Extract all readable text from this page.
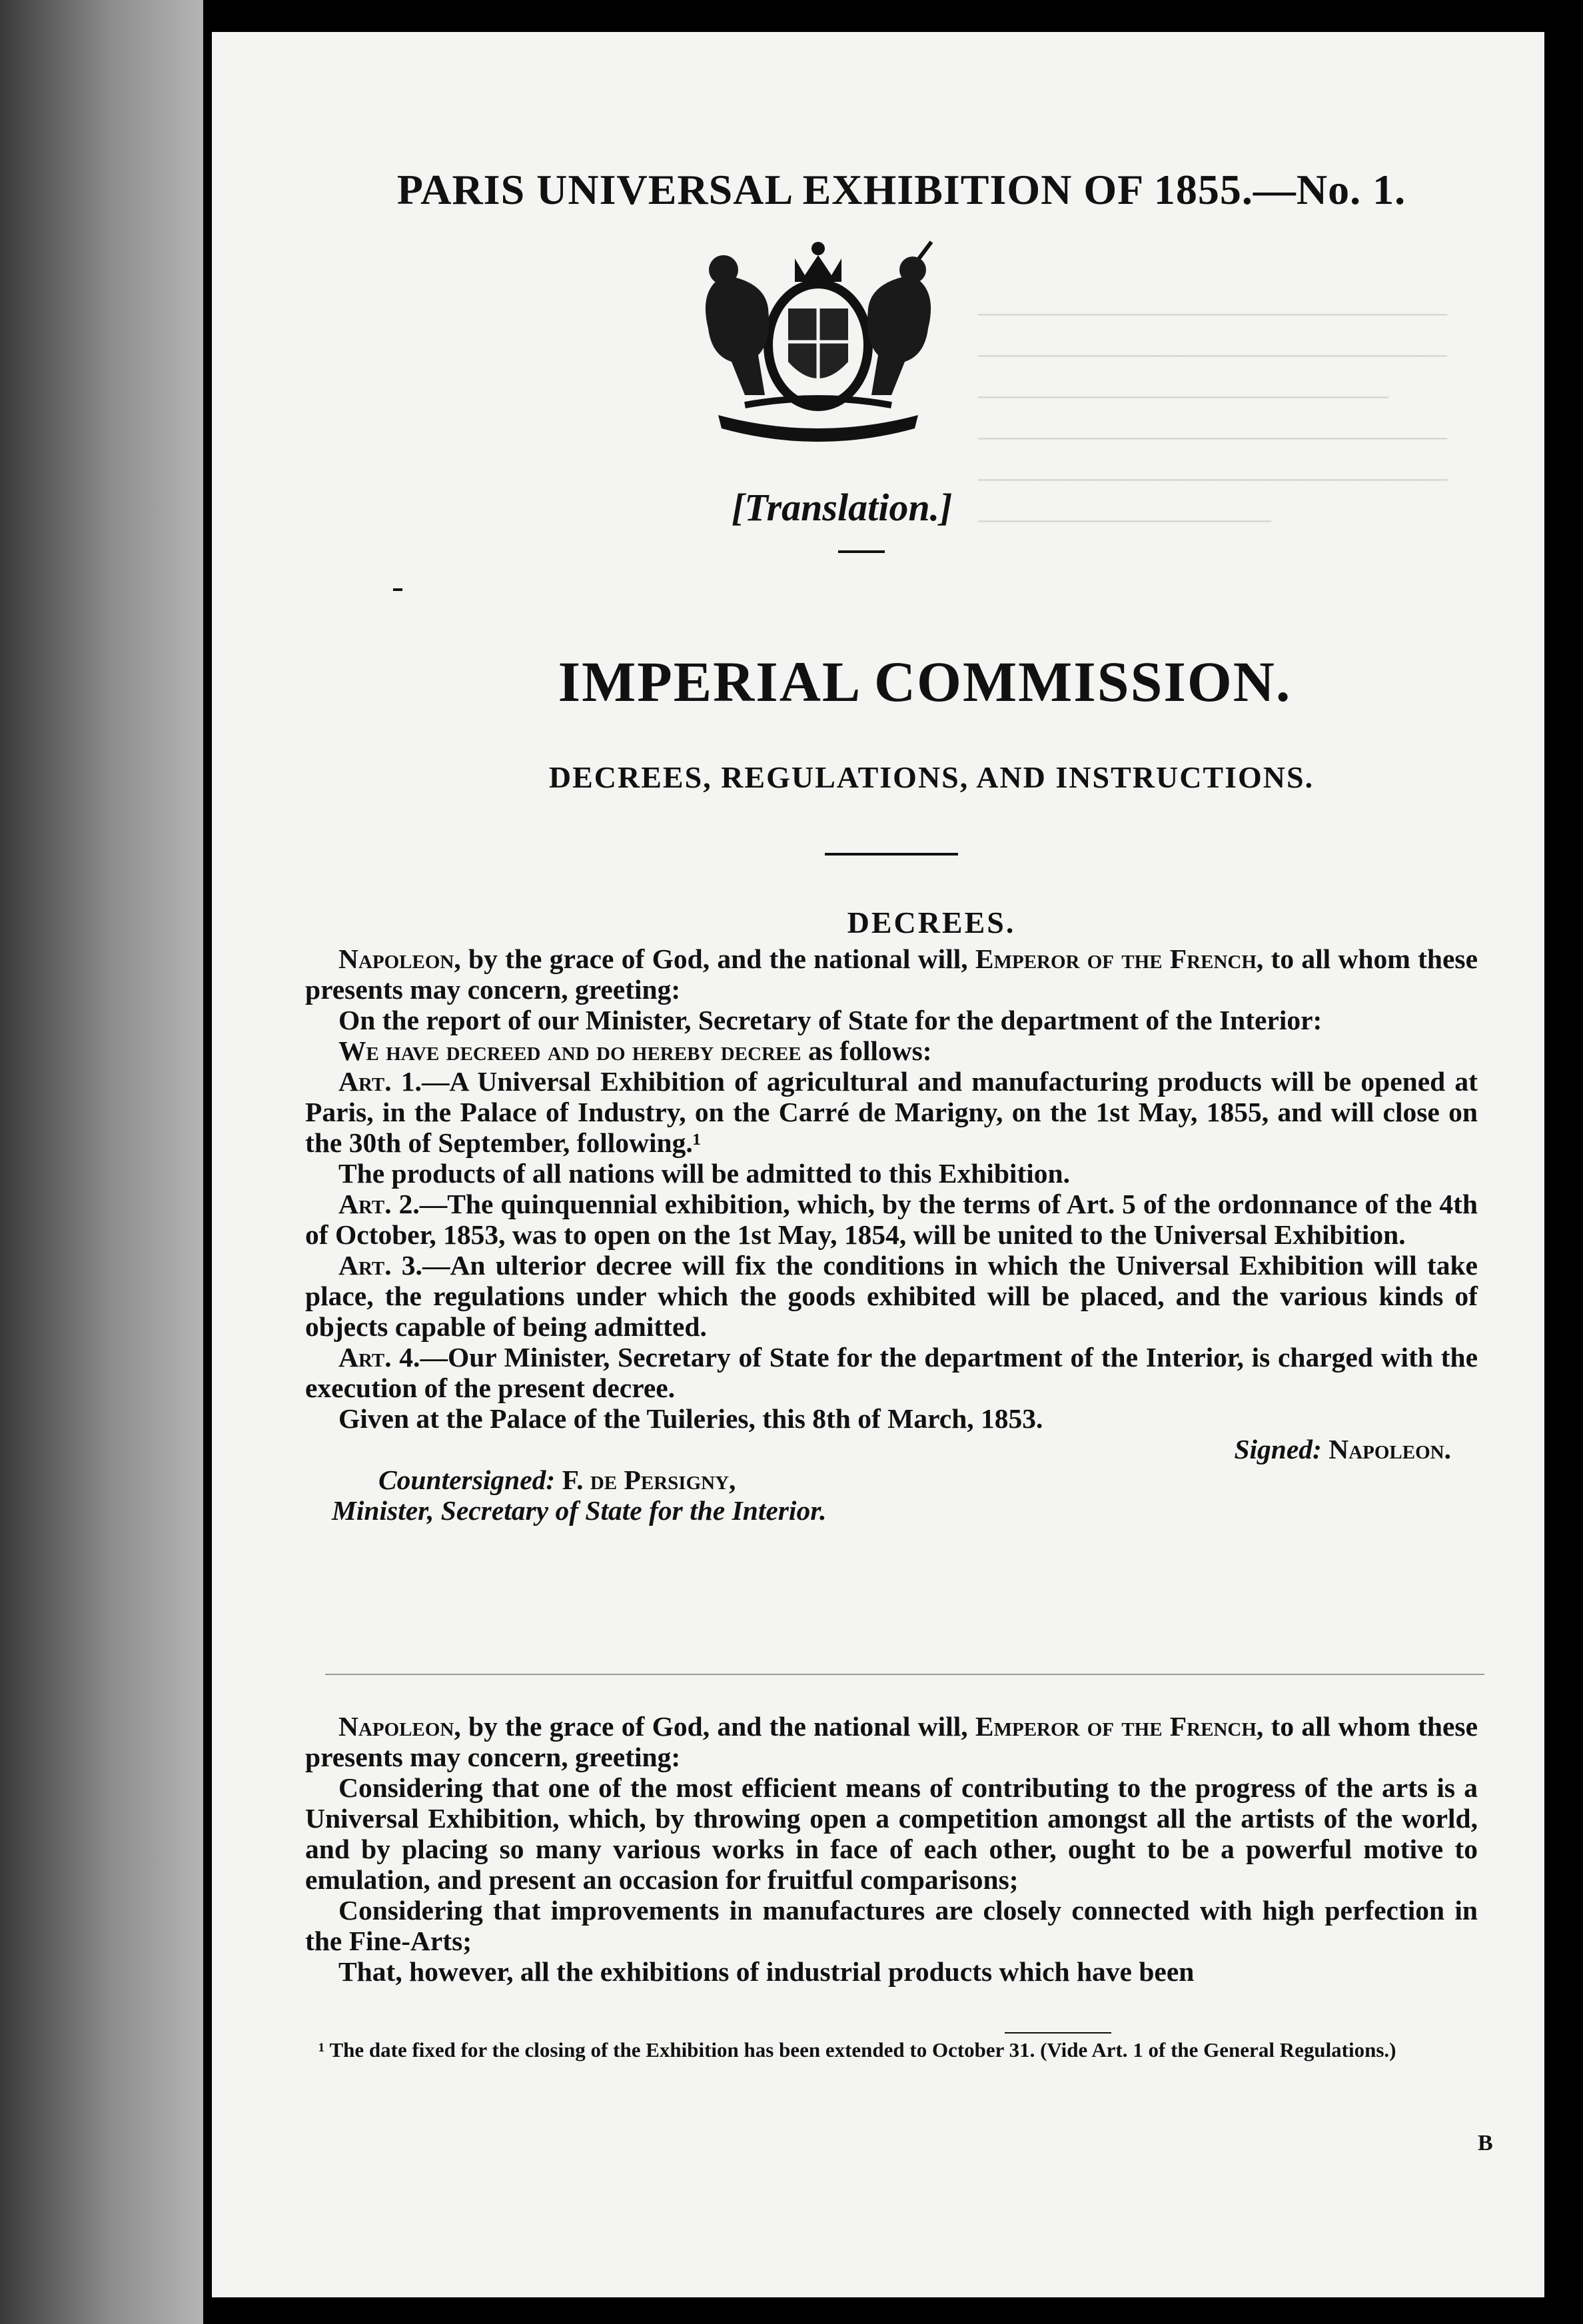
————————————————
————————————————
——————————————
————————————————
————————————————
——————————
PARIS UNIVERSAL EXHIBITION OF 1855.—No. 1.
[Translation.]
IMPERIAL COMMISSION.
DECREES, REGULATIONS, AND INSTRUCTIONS.
DECREES.

Napoleon, by the grace of God, and the national will, Emperor of the French, to all whom these presents may concern, greeting:

On the report of our Minister, Secretary of State for the department of the Interior:

We have decreed and do hereby decree as follows:

Art. 1.—A Universal Exhibition of agricultural and manufacturing products will be opened at Paris, in the Palace of Industry, on the Carré de Marigny, on the 1st May, 1855, and will close on the 30th of September, following.¹

The products of all nations will be admitted to this Exhibition.

Art. 2.—The quinquennial exhibition, which, by the terms of Art. 5 of the ordonnance of the 4th of October, 1853, was to open on the 1st May, 1854, will be united to the Universal Exhibition.

Art. 3.—An ulterior decree will fix the conditions in which the Universal Exhibition will take place, the regulations under which the goods exhibited will be placed, and the various kinds of objects capable of being admitted.

Art. 4.—Our Minister, Secretary of State for the department of the Interior, is charged with the execution of the present decree.

Given at the Palace of the Tuileries, this 8th of March, 1853.

Signed: Napoleon.

Countersigned: F. de Persigny,

Minister, Secretary of State for the Interior.

Napoleon, by the grace of God, and the national will, Emperor of the French, to all whom these presents may concern, greeting:

Considering that one of the most efficient means of contributing to the progress of the arts is a Universal Exhibition, which, by throwing open a competition amongst all the artists of the world, and by placing so many various works in face of each other, ought to be a powerful motive to emulation, and present an occasion for fruitful comparisons;

Considering that improvements in manufactures are closely connected with high perfection in the Fine-Arts;

That, however, all the exhibitions of industrial products which have been

¹ The date fixed for the closing of the Exhibition has been extended to October 31. (Vide Art. 1 of the General Regulations.)
B
